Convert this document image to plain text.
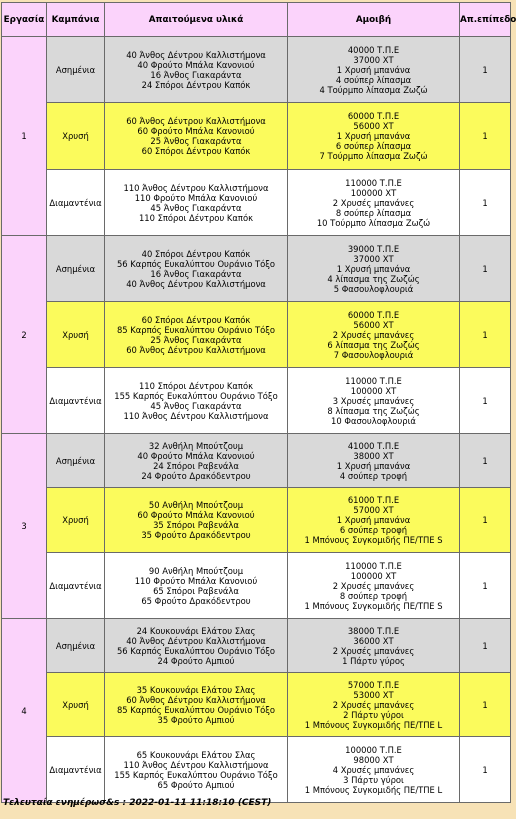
Εργασία	Καμπάνια	Απαιτούμενα υλικά	Αμοιβή	Απ.επίπεδο
1	Ασημένια	40 Άνθος Δέντρου Καλλιστήμονα
40 Φρούτο Μπάλα Κανονιού
16 Άνθος Γιακαράντα
24 Σπόροι Δέντρου Καπόκ	40000 Τ.Π.Ε
37000 ΧΤ
1 Χρυσή μπανάνα
4 σούπερ λίπασμα
4 Τούρμπο λίπασμα Ζωζώ	1
	Χρυσή	60 Άνθος Δέντρου Καλλιστήμονα
60 Φρούτο Μπάλα Κανονιού
25 Άνθος Γιακαράντα
60 Σπόροι Δέντρου Καπόκ	60000 Τ.Π.Ε
56000 ΧΤ
1 Χρυσή μπανάνα
6 σούπερ λίπασμα
7 Τούρμπο λίπασμα Ζωζώ	1
	Διαμαντένια	110 Άνθος Δέντρου Καλλιστήμονα
110 Φρούτο Μπάλα Κανονιού
45 Άνθος Γιακαράντα
110 Σπόροι Δέντρου Καπόκ	110000 Τ.Π.Ε
100000 ΧΤ
2 Χρυσές μπανάνες
8 σούπερ λίπασμα
10 Τούρμπο λίπασμα Ζωζώ	1
2	Ασημένια	40 Σπόροι Δέντρου Καπόκ
56 Καρπός Ευκαλύπτου Ουράνιο Τόξο
16 Άνθος Γιακαράντα
40 Άνθος Δέντρου Καλλιστήμονα	39000 Τ.Π.Ε
37000 ΧΤ
1 Χρυσή μπανάνα
4 λίπασμα της Ζωζώς
5 Φασουλοφλουριά	1
	Χρυσή	60 Σπόροι Δέντρου Καπόκ
85 Καρπός Ευκαλύπτου Ουράνιο Τόξο
25 Άνθος Γιακαράντα
60 Άνθος Δέντρου Καλλιστήμονα	60000 Τ.Π.Ε
56000 ΧΤ
2 Χρυσές μπανάνες
6 λίπασμα της Ζωζώς
7 Φασουλοφλουριά	1
	Διαμαντένια	110 Σπόροι Δέντρου Καπόκ
155 Καρπός Ευκαλύπτου Ουράνιο Τόξο
45 Άνθος Γιακαράντα
110 Άνθος Δέντρου Καλλιστήμονα	110000 Τ.Π.Ε
100000 ΧΤ
3 Χρυσές μπανάνες
8 λίπασμα της Ζωζώς
10 Φασουλοφλουριά	1
3	Ασημένια	32 Ανθήλη Μπούτζουμ
40 Φρούτο Μπάλα Κανονιού
24 Σπόροι Ραβενάλα
24 Φρούτο Δρακόδεντρου	41000 Τ.Π.Ε
38000 ΧΤ
1 Χρυσή μπανάνα
4 σούπερ τροφή	1
	Χρυσή	50 Ανθήλη Μπούτζουμ
60 Φρούτο Μπάλα Κανονιού
35 Σπόροι Ραβενάλα
35 Φρούτο Δρακόδεντρου	61000 Τ.Π.Ε
57000 ΧΤ
1 Χρυσή μπανάνα
6 σούπερ τροφή
1 Μπόνους Συγκομιδής ΠΕ/ΤΠΕ S	1
	Διαμαντένια	90 Ανθήλη Μπούτζουμ
110 Φρούτο Μπάλα Κανονιού
65 Σπόροι Ραβενάλα
65 Φρούτο Δρακόδεντρου	110000 Τ.Π.Ε
100000 ΧΤ
2 Χρυσές μπανάνες
8 σούπερ τροφή
1 Μπόνους Συγκομιδής ΠΕ/ΤΠΕ S	1
4	Ασημένια	24 Κουκουνάρι Ελάτου Σλας
40 Άνθος Δέντρου Καλλιστήμονα
56 Καρπός Ευκαλύπτου Ουράνιο Τόξο
24 Φρούτο Αμπιού	38000 Τ.Π.Ε
36000 ΧΤ
2 Χρυσές μπανάνες
1 Πάρτυ γύρος	1
	Χρυσή	35 Κουκουνάρι Ελάτου Σλας
60 Άνθος Δέντρου Καλλιστήμονα
85 Καρπός Ευκαλύπτου Ουράνιο Τόξο
35 Φρούτο Αμπιού	57000 Τ.Π.Ε
53000 ΧΤ
2 Χρυσές μπανάνες
2 Πάρτυ γύροι
1 Μπόνους Συγκομιδής ΠΕ/ΤΠΕ L	1
	Διαμαντένια	65 Κουκουνάρι Ελάτου Σλας
110 Άνθος Δέντρου Καλλιστήμονα
155 Καρπός Ευκαλύπτου Ουράνιο Τόξο
65 Φρούτο Αμπιού	100000 Τ.Π.Ε
98000 ΧΤ
4 Χρυσές μπανάνες
3 Πάρτυ γύροι
1 Μπόνους Συγκομιδής ΠΕ/ΤΠΕ L	1
Τελευταία ενημέρωσ&s : 2022-01-11 11:18:10 (CEST)
